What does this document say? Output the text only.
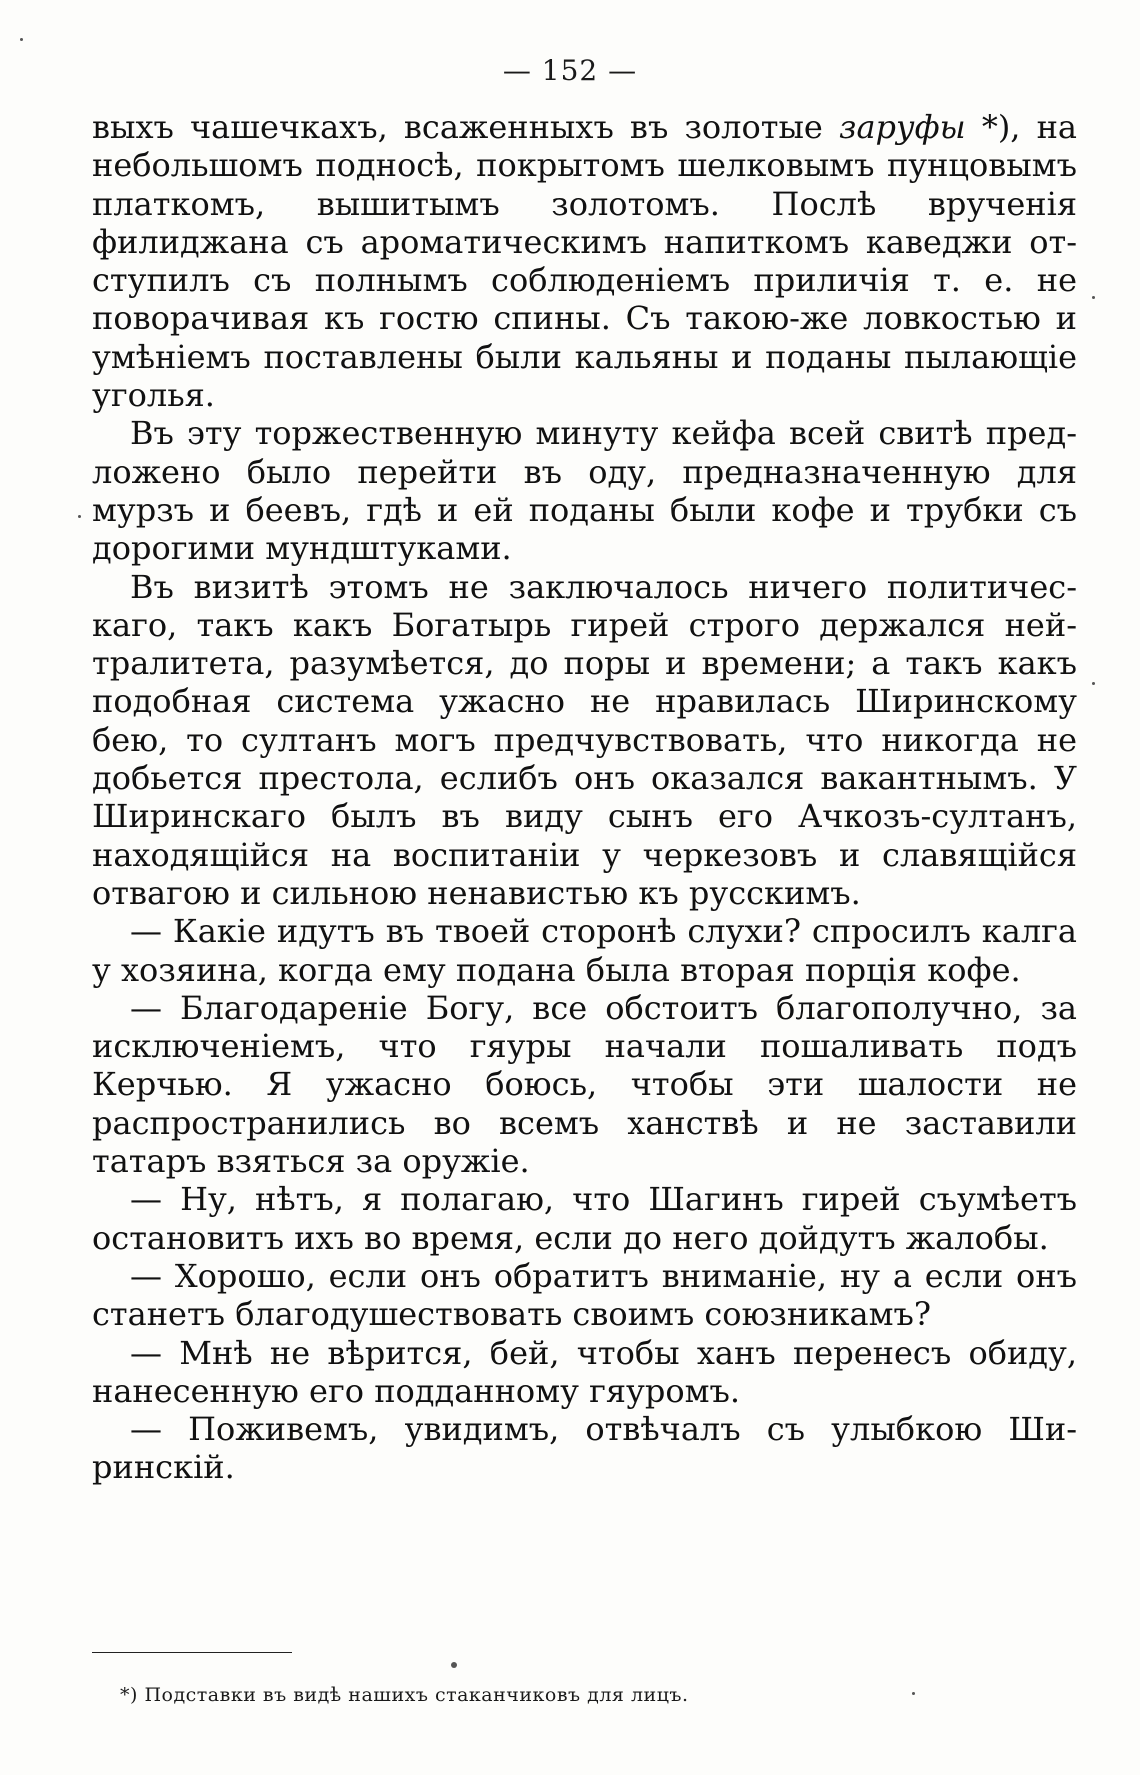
— 152 —

выхъ чашечкахъ, всаженныхъ въ золотые заруфы *), на небольшомъ подносѣ, покрытомъ шелковымъ пунцовымъ платкомъ, вышитымъ золотомъ. Послѣ врученія филиджана съ ароматическимъ напиткомъ каведжи отступилъ съ полнымъ соблюденіемъ приличія т. е. не поворачивая къ гостю спины. Съ такою-же ловкостью и умѣніемъ поставлены были кальяны и поданы пылающіе уголья.

Въ эту торжественную минуту кейфа всей свитѣ предложено было перейти въ оду, предназначенную для мурзъ и беевъ, гдѣ и ей поданы были кофе и трубки съ дорогими мундштуками.

Въ визитѣ этомъ не заключалось ничего политическаго, такъ какъ Богатырь гирей строго держался нейтралитета, разумѣется, до поры и времени; а такъ какъ подобная система ужасно не нравилась Ширинскому бею, то султанъ могъ предчувствовать, что никогда не добьется престола, еслибъ онъ оказался вакантнымъ. У Ширинскаго былъ въ виду сынъ его Ачкозъ-султанъ, находящійся на воспитаніи у черкезовъ и славящійся отвагою и сильною ненавистью къ русскимъ.

— Какіе идутъ въ твоей сторонѣ слухи? спросилъ калга у хозяина, когда ему подана была вторая порція кофе.

— Благодареніе Богу, все обстоитъ благополучно, за исключеніемъ, что гяуры начали пошаливать подъ Керчью. Я ужасно боюсь, чтобы эти шалости не распространились во всемъ ханствѣ и не заставили татаръ взяться за оружіе.

— Ну, нѣтъ, я полагаю, что Шагинъ гирей съумѣетъ остановитъ ихъ во время, если до него дойдутъ жалобы.

— Хорошо, если онъ обратитъ вниманіе, ну а если онъ станетъ благодушествовать своимъ союзникамъ?

— Мнѣ не вѣрится, бей, чтобы ханъ перенесъ обиду, нанесенную его подданному гяуромъ.

— Поживемъ, увидимъ, отвѣчалъ съ улыбкою Ширинскій.

*) Подставки въ видѣ нашихъ стаканчиковъ для лицъ.
